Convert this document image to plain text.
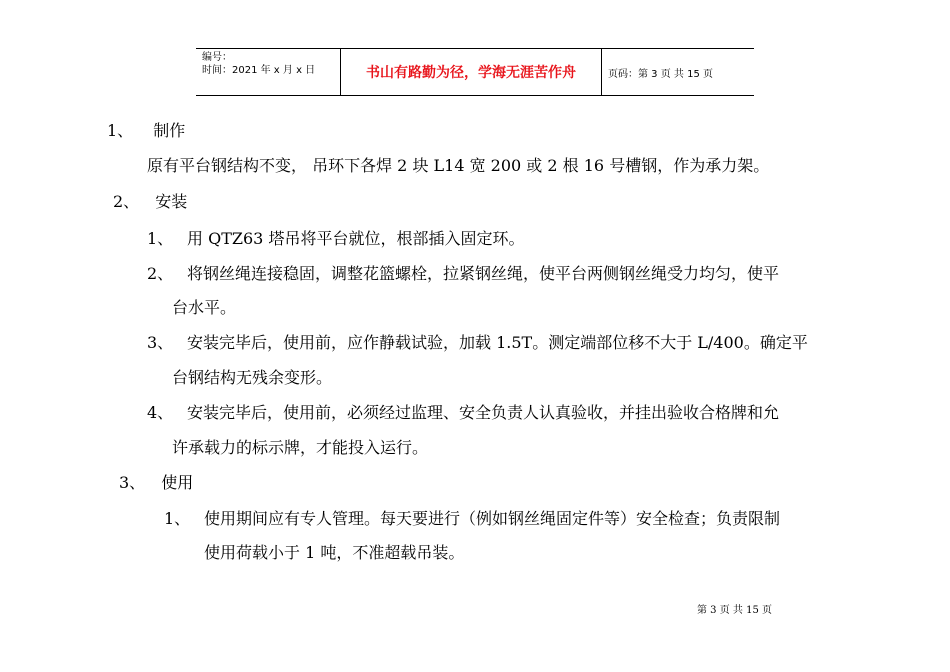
编号：
时间：2021 年 x 月 x 日	书山有路勤为径，学海无涯苦作舟	页码：第 3 页 共 15 页
1、 制作
原有平台钢结构不变， 吊环下各焊 2 块 L14 宽 200 或 2 根 16 号槽钢，作为承力架。
2、 安装
1、 用 QTZ63 塔吊将平台就位，根部插入固定环。
2、 将钢丝绳连接稳固，调整花篮螺栓，拉紧钢丝绳，使平台两侧钢丝绳受力均匀，使平
台水平。
3、 安装完毕后，使用前，应作静载试验，加载 1.5T。测定端部位移不大于 L/400。确定平
台钢结构无残余变形。
4、 安装完毕后，使用前，必须经过监理、安全负责人认真验收，并挂出验收合格牌和允
许承载力的标示牌，才能投入运行。
3、 使用
1、 使用期间应有专人管理。每天要进行（例如钢丝绳固定件等）安全检查；负责限制
使用荷载小于 1 吨，不准超载吊装。
第 3 页 共 15 页
